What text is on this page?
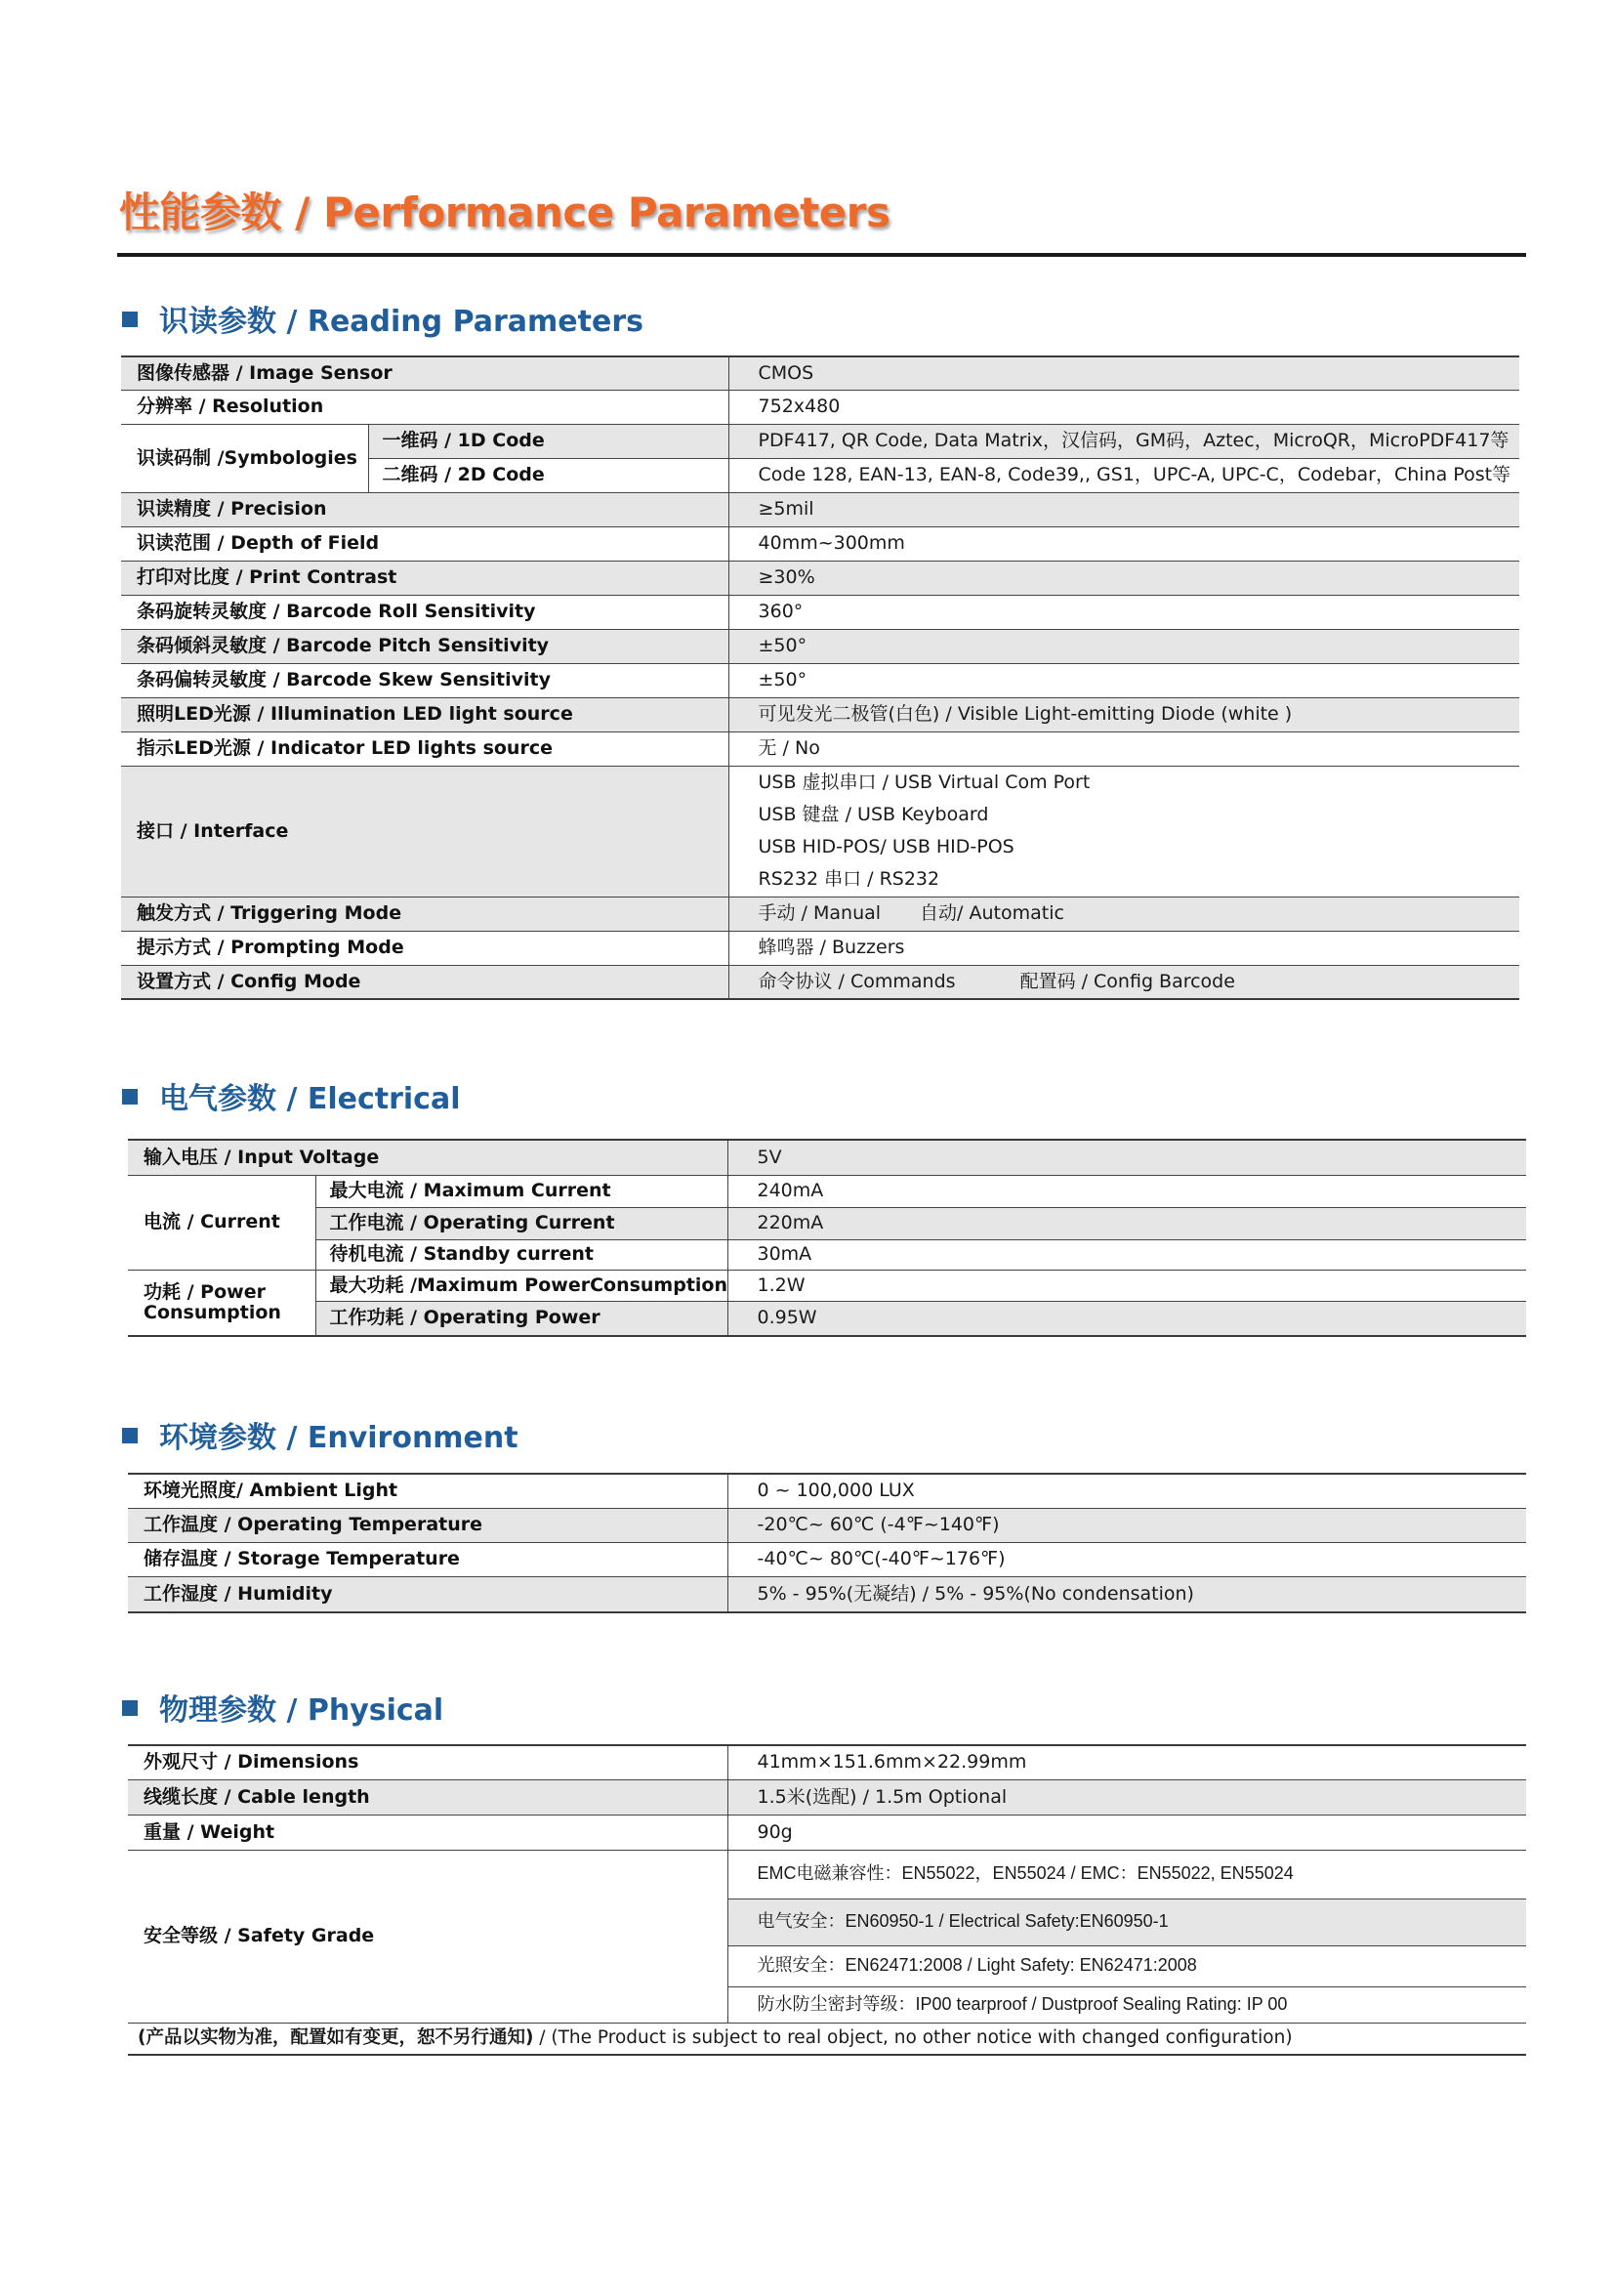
性能参数 / Performance Parameters
识读参数 / Reading Parameters
图像传感器 / Image Sensor		CMOS
分辨率 / Resolution		752x480
识读码制 /Symbologies	一维码 / 1D Code	PDF417, QR Code, Data Matrix，汉信码，GM码，Aztec，MicroQR，MicroPDF417等
	二维码 / 2D Code	Code 128, EAN-13, EAN-8, Code39,, GS1，UPC-A, UPC-C，Codebar，China Post等
识读精度 / Precision		≥5mil
识读范围 / Depth of Field		40mm~300mm
打印对比度 / Print Contrast		≥30%
条码旋转灵敏度 / Barcode Roll Sensitivity		360°
条码倾斜灵敏度 / Barcode Pitch Sensitivity		±50°
条码偏转灵敏度 / Barcode Skew Sensitivity		±50°
照明LED光源 / Illumination LED light source		可见发光二极管(白色) / Visible Light-emitting Diode (white )
指示LED光源 / Indicator LED lights source		无 / No
接口 / Interface		USB 虚拟串口 / USB Virtual Com Port
USB 键盘 / USB Keyboard
USB HID-POS/ USB HID-POS
RS232 串口 / RS232

触发方式 / Triggering Mode		手动 / Manual 自动/ Automatic
提示方式 / Prompting Mode		蜂鸣器 / Buzzers
设置方式 / Config Mode		命令协议 / Commands 配置码 / Config Barcode
电气参数 / Electrical
输入电压 / Input Voltage		5V
电流 / Current	最大电流 / Maximum Current	240mA
	工作电流 / Operating Current	220mA
	待机电流 / Standby current	30mA

功耗 / Power
Consumption	最大功耗 /Maximum PowerConsumption	1.2W
	工作功耗 / Operating Power	0.95W
环境参数 / Environment
环境光照度/ Ambient Light	0 ~ 100,000 LUX
工作温度 / Operating Temperature	-20℃~ 60℃ (-4℉~140℉)
储存温度 / Storage Temperature	-40℃~ 80℃(-40℉~176℉)
工作湿度 / Humidity	5% - 95%(无凝结) / 5% - 95%(No condensation)
物理参数 / Physical
外观尺寸 / Dimensions	41mm×151.6mm×22.99mm
线缆长度 / Cable length	1.5米(选配) / 1.5m Optional
重量 / Weight	90g
安全等级 / Safety Grade	EMC电磁兼容性：EN55022，EN55024 / EMC：EN55022, EN55024
	电气安全：EN60950-1 / Electrical Safety:EN60950-1
	光照安全：EN62471:2008 / Light Safety: EN62471:2008
	防水防尘密封等级：IP00 tearproof / Dustproof Sealing Rating: IP 00
(产品以实物为准，配置如有变更，恕不另行通知) / (The Product is subject to real object, no other notice with changed configuration)	
